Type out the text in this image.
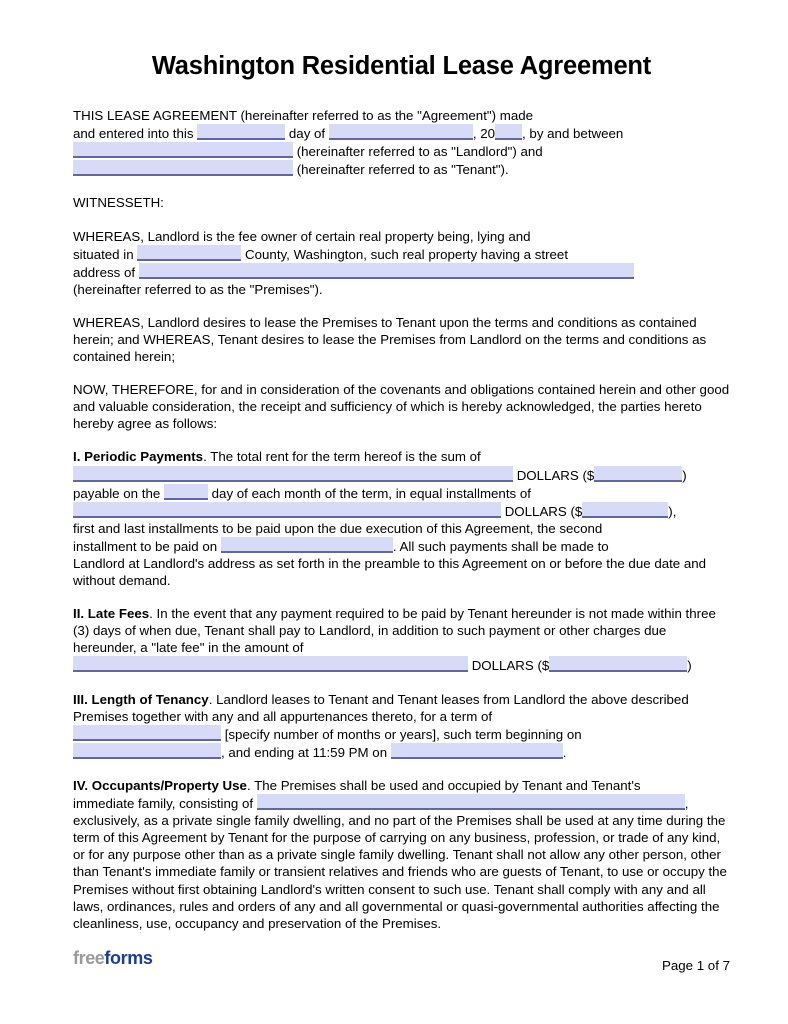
Washington Residential Lease Agreement
THIS LEASE AGREEMENT (hereinafter referred to as the "Agreement") made
and entered into this	day of	, 20 , by and between
(hereinafter referred to as "Landlord") and
(hereinafter referred to as "Tenant").
WITNESSETH:
WHEREAS, Landlord is the fee owner of certain real property being, lying and
situated in	County, Washington, such real property having a street
address of
(hereinafter referred to as the "Premises").
WHEREAS, Landlord desires to lease the Premises to Tenant upon the terms and conditions as contained herein; and WHEREAS, Tenant desires to lease the Premises from Landlord on the terms and conditions as contained herein;
NOW, THEREFORE, for and in consideration of the covenants and obligations contained herein and other good and valuable consideration, the receipt and sufficiency of which is hereby acknowledged, the parties hereto hereby agree as follows:
I. Periodic Payments. The total rent for the term hereof is the sum of
DOLLARS ($	)
payable on the	day of each month of the term, in equal installments of
DOLLARS ($	),
first and last installments to be paid upon the due execution of this Agreement, the second
installment to be paid on	. All such payments shall be made to
Landlord at Landlord's address as set forth in the preamble to this Agreement on or before the due date and without demand.
II. Late Fees. In the event that any payment required to be paid by Tenant hereunder is not made within three (3) days of when due, Tenant shall pay to Landlord, in addition to such payment or other charges due hereunder, a "late fee" in the amount of
DOLLARS ($	)
III. Length of Tenancy. Landlord leases to Tenant and Tenant leases from Landlord the above described Premises together with any and all appurtenances thereto, for a term of
[specify number of months or years], such term beginning on
, and ending at 11:59 PM on	.
IV. Occupants/Property Use. The Premises shall be used and occupied by Tenant and Tenant's
immediate family, consisting of	,
exclusively, as a private single family dwelling, and no part of the Premises shall be used at any time during the term of this Agreement by Tenant for the purpose of carrying on any business, profession, or trade of any kind, or for any purpose other than as a private single family dwelling. Tenant shall not allow any other person, other than Tenant's immediate family or transient relatives and friends who are guests of Tenant, to use or occupy the Premises without first obtaining Landlord's written consent to such use. Tenant shall comply with any and all laws, ordinances, rules and orders of any and all governmental or quasi-governmental authorities affecting the cleanliness, use, occupancy and preservation of the Premises.
freeforms	Page 1 of 7
